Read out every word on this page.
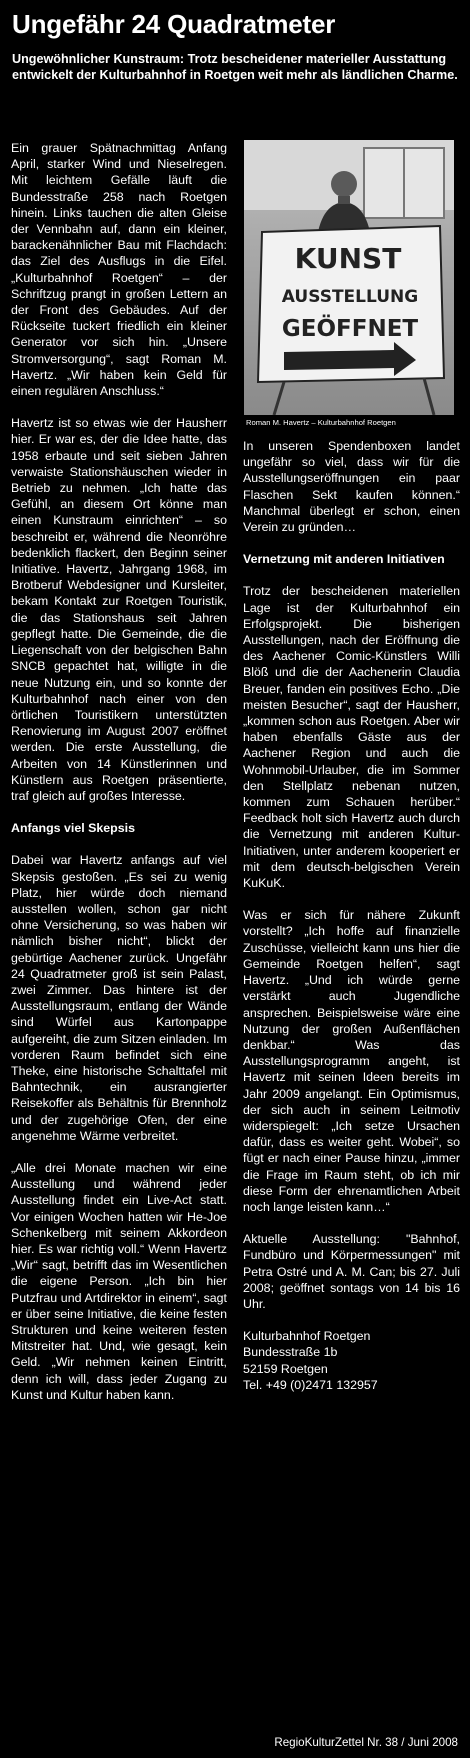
Ungefähr 24 Quadratmeter

Ungewöhnlicher Kunstraum: Trotz bescheidener materieller Ausstattung entwickelt der Kulturbahnhof in Roetgen weit mehr als ländlichen Charme.

Ein grauer Spätnachmittag Anfang April, starker Wind und Nieselregen. Mit leichtem Gefälle läuft die Bundesstraße 258 nach Roetgen hinein. Links tauchen die alten Gleise der Vennbahn auf, dann ein kleiner, barackenähnlicher Bau mit Flachdach: das Ziel des Ausflugs in die Eifel. „Kulturbahnhof Roetgen“ – der Schriftzug prangt in großen Lettern an der Front des Gebäudes. Auf der Rückseite tuckert friedlich ein kleiner Generator vor sich hin. „Unsere Stromversorgung“, sagt Roman M. Havertz. „Wir haben kein Geld für einen regulären Anschluss.“

Havertz ist so etwas wie der Hausherr hier. Er war es, der die Idee hatte, das 1958 erbaute und seit sieben Jahren verwaiste Stationshäuschen wieder in Betrieb zu nehmen. „Ich hatte das Gefühl, an diesem Ort könne man einen Kunstraum einrichten“ – so beschreibt er, während die Neonröhre bedenklich flackert, den Beginn seiner Initiative. Havertz, Jahrgang 1968, im Brotberuf Webdesigner und Kursleiter, bekam Kontakt zur Roetgen Touristik, die das Stationshaus seit Jahren gepflegt hatte. Die Gemeinde, die die Liegenschaft von der belgischen Bahn SNCB gepachtet hat, willigte in die neue Nutzung ein, und so konnte der Kulturbahnhof nach einer von den örtlichen Touristikern unterstützten Renovierung im August 2007 eröffnet werden. Die erste Ausstellung, die Arbeiten von 14 Künstlerinnen und Künstlern aus Roetgen präsentierte, traf gleich auf großes Interesse.

Anfangs viel Skepsis

Dabei war Havertz anfangs auf viel Skepsis gestoßen. „Es sei zu wenig Platz, hier würde doch niemand ausstellen wollen, schon gar nicht ohne Versicherung, so was haben wir nämlich bisher nicht“, blickt der gebürtige Aachener zurück. Ungefähr 24 Quadratmeter groß ist sein Palast, zwei Zimmer. Das hintere ist der Ausstellungsraum, entlang der Wände sind Würfel aus Kartonpappe aufgereiht, die zum Sitzen einladen. Im vorderen Raum befindet sich eine Theke, eine historische Schalttafel mit Bahntechnik, ein ausrangierter Reisekoffer als Behältnis für Brennholz und der zugehörige Ofen, der eine angenehme Wärme verbreitet.

„Alle drei Monate machen wir eine Ausstellung und während jeder Ausstellung findet ein Live-Act statt. Vor einigen Wochen hatten wir He-Joe Schenkelberg mit seinem Akkordeon hier. Es war richtig voll.“ Wenn Havertz „Wir“ sagt, betrifft das im Wesentlichen die eigene Person. „Ich bin hier Putzfrau und Artdirektor in einem“, sagt er über seine Initiative, die keine festen Strukturen und keine weiteren festen Mitstreiter hat. Und, wie gesagt, kein Geld. „Wir nehmen keinen Eintritt, denn ich will, dass jeder Zugang zu Kunst und Kultur haben kann.

KUNST
AUSSTELLUNG
GEÖFFNET
Roman M. Havertz – Kulturbahnhof Roetgen

In unseren Spendenboxen landet ungefähr so viel, dass wir für die Ausstellungseröffnungen ein paar Flaschen Sekt kaufen können.“ Manchmal überlegt er schon, einen Verein zu gründen…

Vernetzung mit anderen Initiativen

Trotz der bescheidenen materiellen Lage ist der Kulturbahnhof ein Erfolgsprojekt. Die bisherigen Ausstellungen, nach der Eröffnung die des Aachener Comic-Künstlers Willi Blöß und die der Aachenerin Claudia Breuer, fanden ein positives Echo. „Die meisten Besucher“, sagt der Hausherr, „kommen schon aus Roetgen. Aber wir haben ebenfalls Gäste aus der Aachener Region und auch die Wohnmobil-Urlauber, die im Sommer den Stellplatz nebenan nutzen, kommen zum Schauen herüber.“ Feedback holt sich Havertz auch durch die Vernetzung mit anderen Kultur-Initiativen, unter anderem kooperiert er mit dem deutsch-belgischen Verein KuKuK.

Was er sich für nähere Zukunft vorstellt? „Ich hoffe auf finanzielle Zuschüsse, vielleicht kann uns hier die Gemeinde Roetgen helfen“, sagt Havertz. „Und ich würde gerne verstärkt auch Jugendliche ansprechen. Beispielsweise wäre eine Nutzung der großen Außenflächen denkbar.“ Was das Ausstellungsprogramm angeht, ist Havertz mit seinen Ideen bereits im Jahr 2009 angelangt. Ein Optimismus, der sich auch in seinem Leitmotiv widerspiegelt: „Ich setze Ursachen dafür, dass es weiter geht. Wobei“, so fügt er nach einer Pause hinzu, „immer die Frage im Raum steht, ob ich mir diese Form der ehrenamtlichen Arbeit noch lange leisten kann…“

Aktuelle Ausstellung: "Bahnhof, Fundbüro und Körpermessungen" mit Petra Ostré und A. M. Can; bis 27. Juli 2008; geöffnet sontags von 14 bis 16 Uhr.

Kulturbahnhof Roetgen

Bundesstraße 1b

52159 Roetgen

Tel. +49 (0)2471 132957

RegioKulturZettel Nr. 38 / Juni 2008
